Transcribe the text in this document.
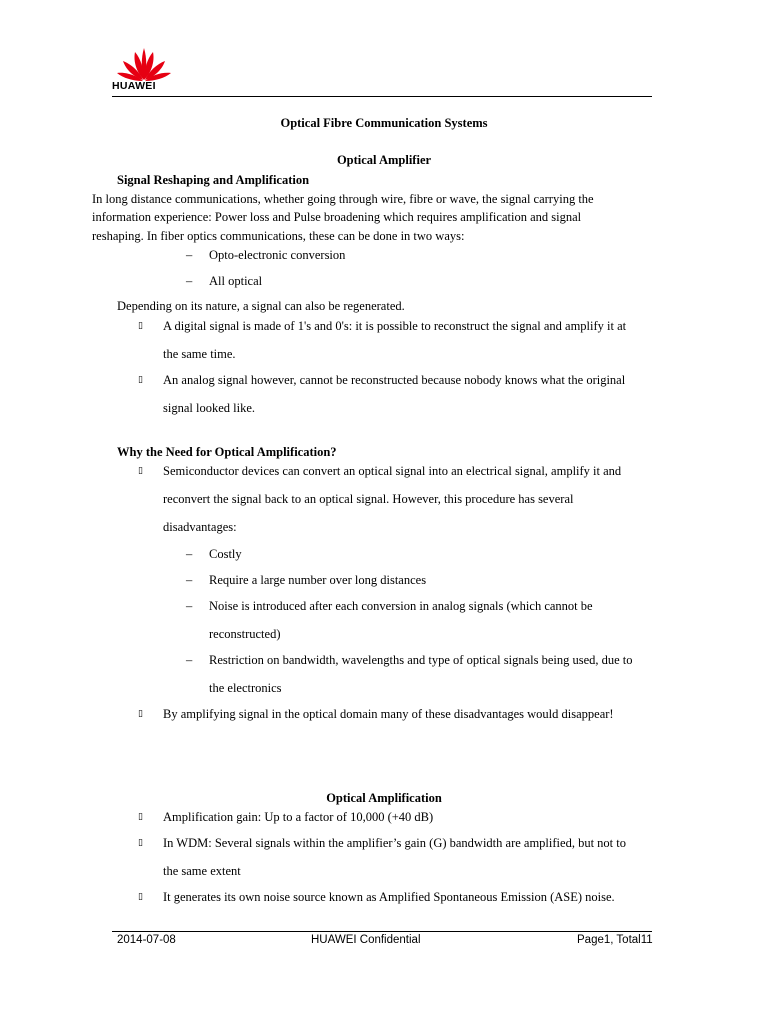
HUAWEI
Optical Fibre Communication Systems
Optical Amplifier
Signal Reshaping and Amplification
In long distance communications, whether going through wire, fibre or wave, the signal carrying the
information experience: Power loss and Pulse broadening which requires amplification and signal
reshaping. In fiber optics communications, these can be done in two ways:
– Opto-electronic conversion
– All optical
Depending on its nature, a signal can also be regenerated.
▯ A digital signal is made of 1's and 0's: it is possible to reconstruct the signal and amplify it at
the same time.
▯ An analog signal however, cannot be reconstructed because nobody knows what the original
signal looked like.
Why the Need for Optical Amplification?
▯ Semiconductor devices can convert an optical signal into an electrical signal, amplify it and
reconvert the signal back to an optical signal. However, this procedure has several
disadvantages:
– Costly
– Require a large number over long distances
– Noise is introduced after each conversion in analog signals (which cannot be
reconstructed)
– Restriction on bandwidth, wavelengths and type of optical signals being used, due to
the electronics
▯ By amplifying signal in the optical domain many of these disadvantages would disappear!
Optical Amplification
▯ Amplification gain: Up to a factor of 10,000 (+40 dB)
▯ In WDM: Several signals within the amplifier’s gain (G) bandwidth are amplified, but not to
the same extent
▯ It generates its own noise source known as Amplified Spontaneous Emission (ASE) noise.
2014-07-08	HUAWEI Confidential	Page1, Total11
